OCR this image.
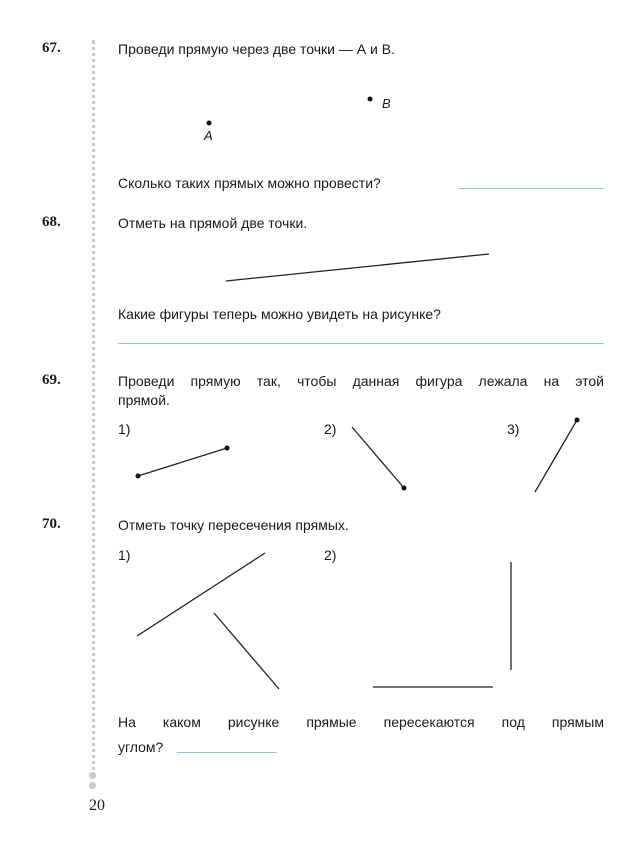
67.	Проведи прямую через две точки — А и В.
B
A
Сколько таких прямых можно провести?
68.	Отметь на прямой две точки.
Какие фигуры теперь можно увидеть на рисунке?
69.	Проведи прямую так, чтобы данная фигура лежала на этой
прямой.
1)	2)	3)
70.	Отметь точку пересечения прямых.
1)	2)
На каком рисунке прямые пересекаются под прямым
углом?
20
